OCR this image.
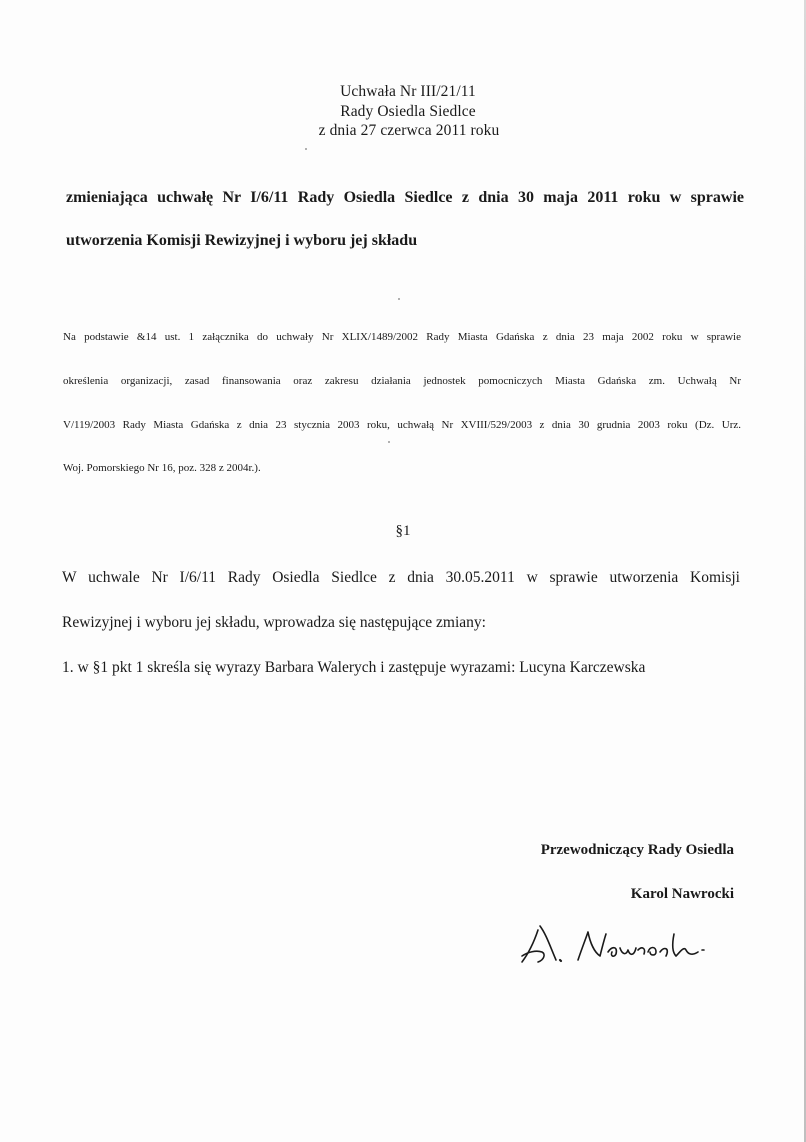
Uchwała Nr III/21/11
Rady Osiedla Siedlce
z dnia 27 czerwca 2011 roku
zmieniająca uchwałę Nr I/6/11 Rady Osiedla Siedlce z dnia 30 maja 2011 roku w sprawie
utworzenia Komisji Rewizyjnej i wyboru jej składu
Na podstawie &14 ust. 1 załącznika do uchwały Nr XLIX/1489/2002 Rady Miasta Gdańska z dnia 23 maja 2002 roku w sprawie
określenia organizacji, zasad finansowania oraz zakresu działania jednostek pomocniczych Miasta Gdańska zm. Uchwałą Nr
V/119/2003 Rady Miasta Gdańska z dnia 23 stycznia 2003 roku, uchwałą Nr XVIII/529/2003 z dnia 30 grudnia 2003 roku (Dz. Urz.
Woj. Pomorskiego Nr 16, poz. 328 z 2004r.).
§1
W uchwale Nr I/6/11 Rady Osiedla Siedlce z dnia 30.05.2011 w sprawie utworzenia Komisji
Rewizyjnej i wyboru jej składu, wprowadza się następujące zmiany:
1. w §1 pkt 1 skreśla się wyrazy Barbara Walerych i zastępuje wyrazami: Lucyna Karczewska
Przewodniczący Rady Osiedla
Karol Nawrocki
